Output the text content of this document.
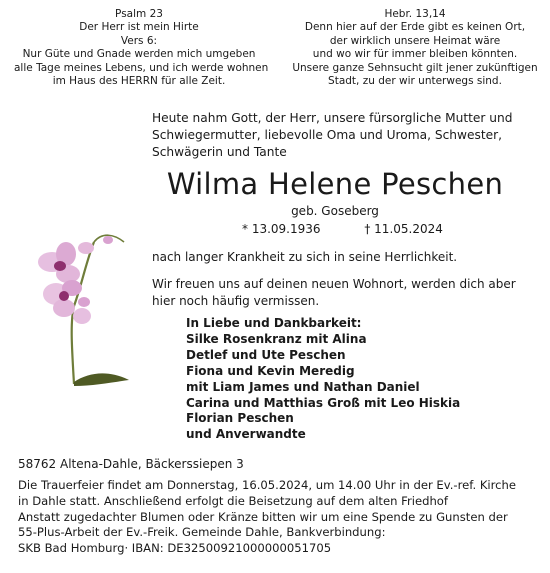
Psalm 23
Der Herr ist mein Hirte
Vers 6:
Nur Güte und Gnade werden mich umgeben
alle Tage meines Lebens, und ich werde wohnen
im Haus des HERRN für alle Zeit.
Hebr. 13,14
Denn hier auf der Erde gibt es keinen Ort,
der wirklich unsere Heimat wäre
und wo wir für immer bleiben könnten.
Unsere ganze Sehnsucht gilt jener zukünftigen
Stadt, zu der wir unterwegs sind.
Heute nahm Gott, der Herr, unsere fürsorgliche Mutter und
Schwiegermutter, liebevolle Oma und Uroma, Schwester,
Schwägerin und Tante
Wilma Helene Peschen
geb. Goseberg
* 13.09.1936	† 11.05.2024
nach langer Krankheit zu sich in seine Herrlichkeit.
Wir freuen uns auf deinen neuen Wohnort, werden dich aber
hier noch häufig vermissen.
In Liebe und Dankbarkeit:
Silke Rosenkranz mit Alina
Detlef und Ute Peschen
Fiona und Kevin Meredig
mit Liam James und Nathan Daniel
Carina und Matthias Groß mit Leo Hiskia
Florian Peschen
und Anverwandte
58762 Altena-Dahle, Bäckerssiepen 3
Die Trauerfeier findet am Donnerstag, 16.05.2024, um 14.00 Uhr in der Ev.-ref. Kirche
in Dahle statt. Anschließend erfolgt die Beisetzung auf dem alten Friedhof
Anstatt zugedachter Blumen oder Kränze bitten wir um eine Spende zu Gunsten der
55-Plus-Arbeit der Ev.-Freik. Gemeinde Dahle, Bankverbindung:
SKB Bad Homburg· IBAN: DE32500921000000051705
